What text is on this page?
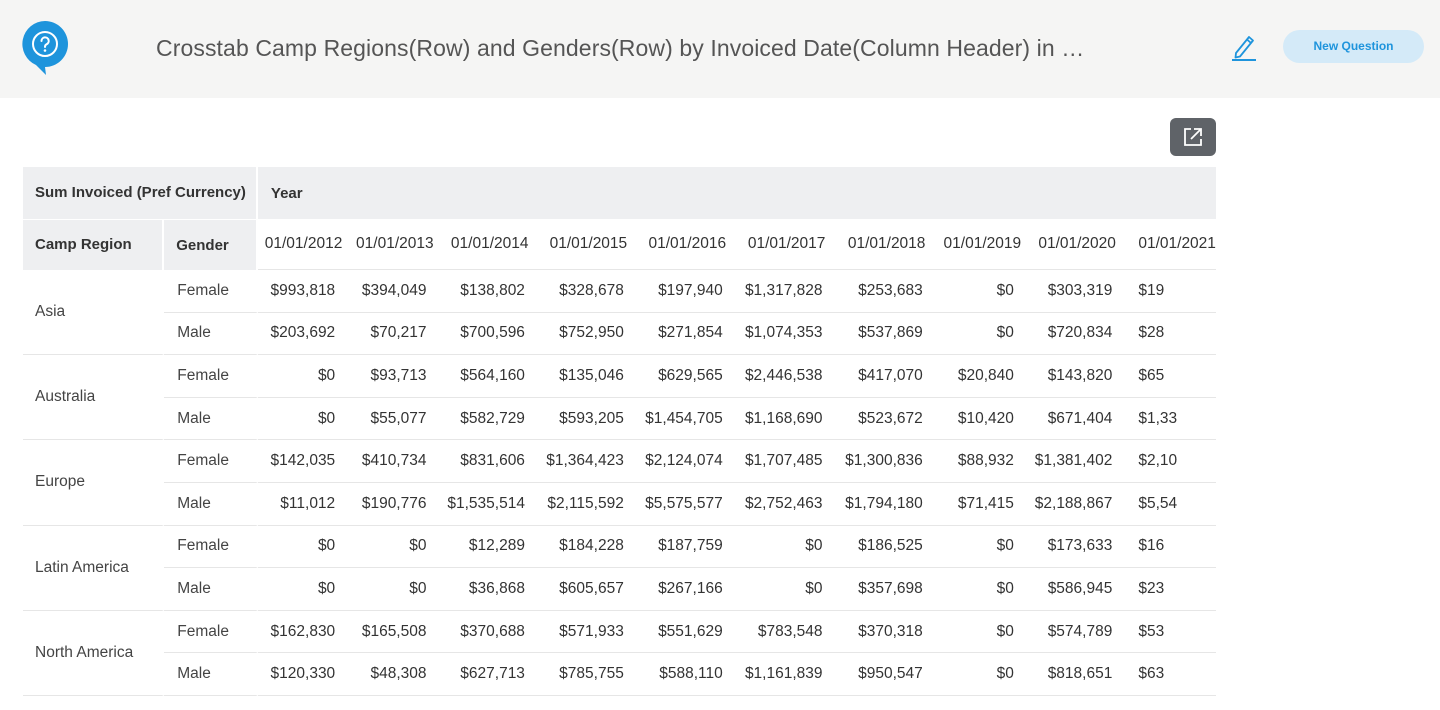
Crosstab Camp Regions(Row) and Genders(Row) by Invoiced Date(Column Header) in …	New Question
Sum Invoiced (Pref Currency)		Year									
Camp Region	Gender	01/01/2012	01/01/2013	01/01/2014	01/01/2015	01/01/2016	01/01/2017	01/01/2018	01/01/2019	01/01/2020	01/01/2021
Asia	Female	$993,818	$394,049	$138,802	$328,678	$197,940	$1,317,828	$253,683	$0	$303,319	$19
	Male	$203,692	$70,217	$700,596	$752,950	$271,854	$1,074,353	$537,869	$0	$720,834	$28
Australia	Female	$0	$93,713	$564,160	$135,046	$629,565	$2,446,538	$417,070	$20,840	$143,820	$65
	Male	$0	$55,077	$582,729	$593,205	$1,454,705	$1,168,690	$523,672	$10,420	$671,404	$1,33
Europe	Female	$142,035	$410,734	$831,606	$1,364,423	$2,124,074	$1,707,485	$1,300,836	$88,932	$1,381,402	$2,10
	Male	$11,012	$190,776	$1,535,514	$2,115,592	$5,575,577	$2,752,463	$1,794,180	$71,415	$2,188,867	$5,54
Latin America	Female	$0	$0	$12,289	$184,228	$187,759	$0	$186,525	$0	$173,633	$16
	Male	$0	$0	$36,868	$605,657	$267,166	$0	$357,698	$0	$586,945	$23
North America	Female	$162,830	$165,508	$370,688	$571,933	$551,629	$783,548	$370,318	$0	$574,789	$53
	Male	$120,330	$48,308	$627,713	$785,755	$588,110	$1,161,839	$950,547	$0	$818,651	$63
